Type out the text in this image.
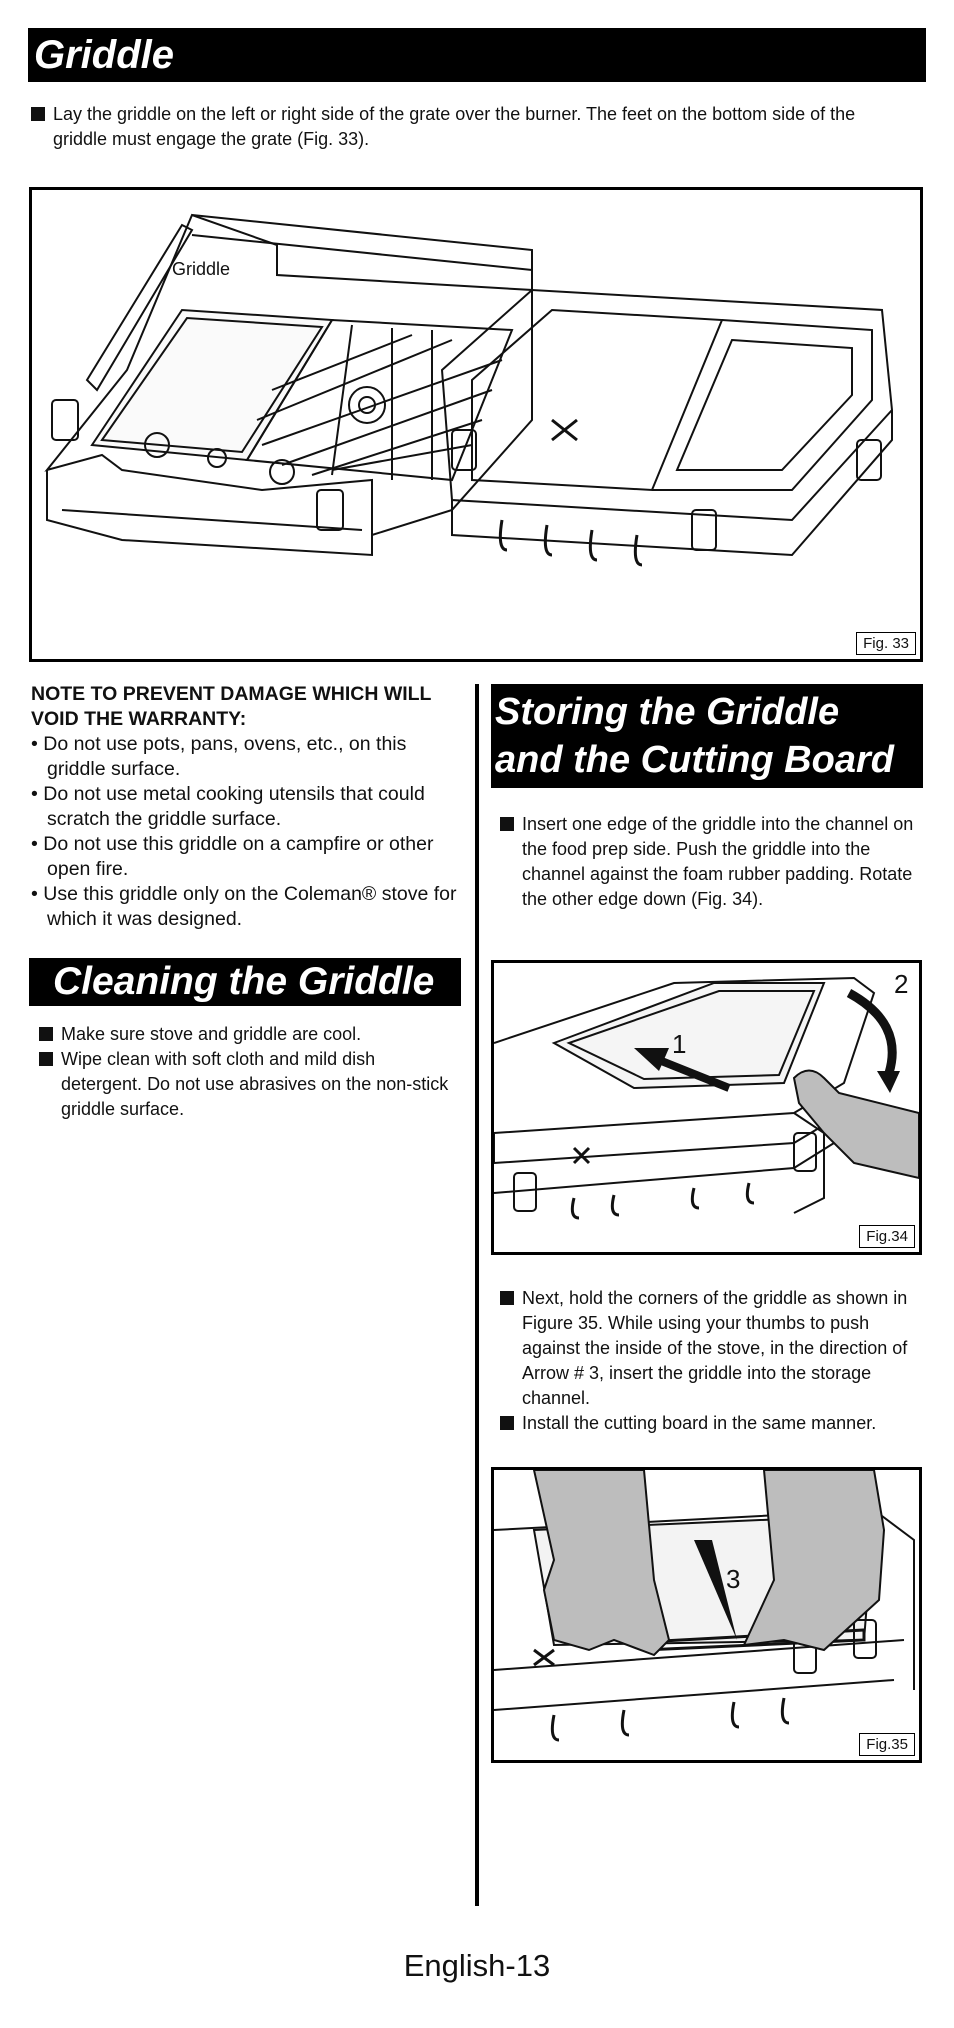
Griddle
Lay the griddle on the left or right side of the grate over the burner. The feet on the bottom side of the griddle must engage the grate (Fig. 33).
Griddle
Fig. 33
NOTE TO PREVENT DAMAGE WHICH WILL VOID THE WARRANTY:
• Do not use pots, pans, ovens, etc., on this griddle surface.
• Do not use metal cooking utensils that could scratch the griddle surface.
• Do not use this griddle on a campfire or other open fire.
• Use this griddle only on the Coleman® stove for which it was designed.
Cleaning the Griddle
Make sure stove and griddle are cool.
Wipe clean with soft cloth and mild dish detergent. Do not use abrasives on the non-stick griddle surface.
Storing the Griddle
and the Cutting Board
Insert one edge of the griddle into the channel on the food prep side. Push the griddle into the channel against the foam rubber padding. Rotate the other edge down (Fig. 34).
1
2
Fig.34
Next, hold the corners of the griddle as shown in Figure 35. While using your thumbs to push against the inside of the stove, in the direction of Arrow # 3, insert the griddle into the storage channel.
Install the cutting board in the same manner.
3
Fig.35
English-13
